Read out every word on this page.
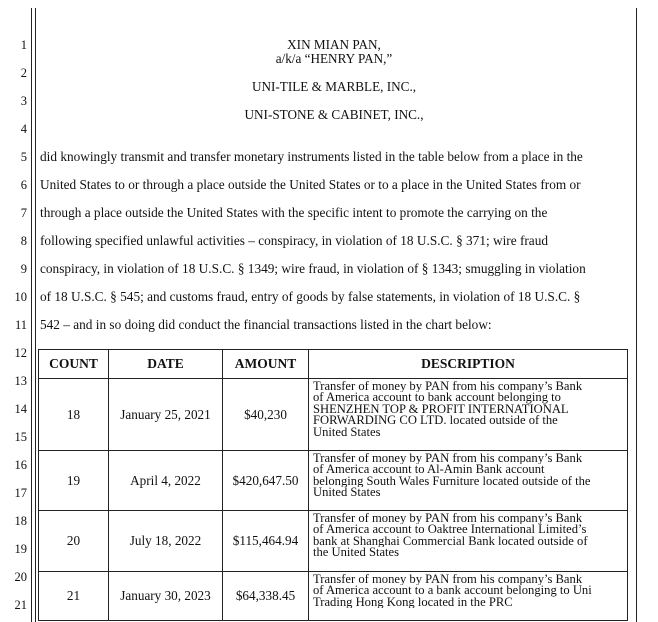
1
2
3
4
5
6
7
8
9
10
11
12
13
14
15
16
17
18
19
20
21
XIN MIAN PAN,
a/k/a “HENRY PAN,”
UNI-TILE & MARBLE, INC.,
UNI-STONE & CABINET, INC.,
did knowingly transmit and transfer monetary instruments listed in the table below from a place in the
United States to or through a place outside the United States or to a place in the United States from or
through a place outside the United States with the specific intent to promote the carrying on the
following specified unlawful activities – conspiracy, in violation of 18 U.S.C. § 371; wire fraud
conspiracy, in violation of 18 U.S.C. § 1349; wire fraud, in violation of § 1343; smuggling in violation
of 18 U.S.C. § 545; and customs fraud, entry of goods by false statements, in violation of 18 U.S.C. §
542 – and in so doing did conduct the financial transactions listed in the chart below:
COUNT	DATE	AMOUNT	DESCRIPTION
18	January 25, 2021	$40,230	Transfer of money by PAN from his company’s Bank
of America account to bank account belonging to
SHENZHEN TOP & PROFIT INTERNATIONAL
FORWARDING CO LTD. located outside of the
United States

19	April 4, 2022	$420,647.50	Transfer of money by PAN from his company’s Bank
of America account to Al-Amin Bank account
belonging South Wales Furniture located outside of the
United States

20	July 18, 2022	$115,464.94	Transfer of money by PAN from his company’s Bank
of America account to Oaktree International Limited’s
bank at Shanghai Commercial Bank located outside of
the United States

21	January 30, 2023	$64,338.45	Transfer of money by PAN from his company’s Bank
of America account to a bank account belonging to Uni
Trading Hong Kong located in the PRC
